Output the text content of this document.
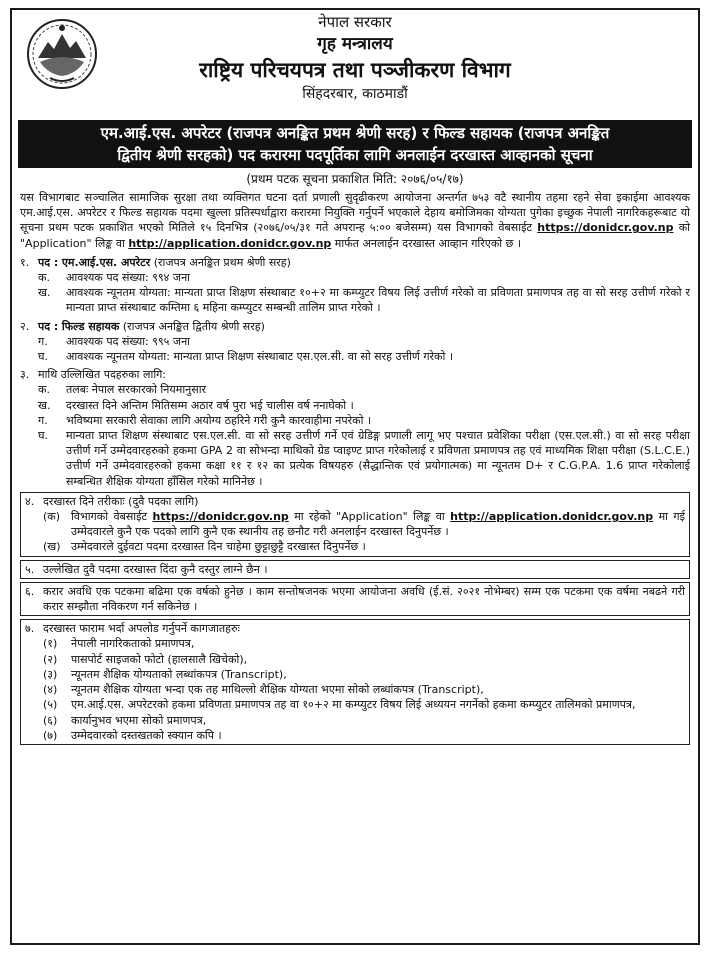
नेपाल सरकार
गृह मन्त्रालय
राष्ट्रिय परिचयपत्र तथा पञ्जीकरण विभाग
सिंहदरबार, काठमाडौं
एम.आई.एस. अपरेटर (राजपत्र अनङ्कित प्रथम श्रेणी सरह) र फिल्ड सहायक (राजपत्र अनङ्कित
द्वितीय श्रेणी सरहको) पद करारमा पदपूर्तिका लागि अनलाईन दरखास्त आव्हानको सूचना
(प्रथम पटक सूचना प्रकाशित मिति: २०७६/०५/१७)
यस विभागबाट सञ्चालित सामाजिक सुरक्षा तथा व्यक्तिगत घटना दर्ता प्रणाली सुदृढीकरण आयोजना अन्तर्गत ७५३ वटै स्थानीय तहमा रहने सेवा इकाईमा आवश्यक एम.आई.एस. अपरेटर र फिल्ड सहायक पदमा खुल्ला प्रतिस्पर्धाद्वारा करारमा नियुक्ति गर्नुपर्ने भएकाले देहाय बमोजिमका योग्यता पुगेका इच्छुक नेपाली नागरिकहरूबाट यो सूचना प्रथम पटक प्रकाशित भएको मितिले १५ दिनभित्र (२०७६/०५/३१ गते अपरान्ह ५:०० बजेसम्म) यस विभागको वेबसाईट https://donidcr.gov.np को "Application" लिङ्क वा http://application.donidcr.gov.np मार्फत अनलाईन दरखास्त आव्हान गरिएको छ ।
१. पद : एम.आई.एस. अपरेटर (राजपत्र अनङ्कित प्रथम श्रेणी सरह)
क.	आवश्यक पद संख्या: ९९४ जना
ख.	आवश्यक न्यूनतम योग्यता: मान्यता प्राप्त शिक्षण संस्थाबाट १०+२ मा कम्प्युटर विषय लिई उत्तीर्ण गरेको वा प्रविणता प्रमाणपत्र तह वा सो सरह उत्तीर्ण गरेको र मान्यता प्राप्त संस्थाबाट कम्तिमा ६ महिना कम्प्युटर सम्बन्धी तालिम प्राप्त गरेको ।
२. पद : फिल्ड सहायक (राजपत्र अनङ्कित द्वितीय श्रेणी सरह)
ग.	आवश्यक पद संख्या: ९९५ जना
घ.	आवश्यक न्यूनतम योग्यता: मान्यता प्राप्त शिक्षण संस्थाबाट एस.एल.सी. वा सो सरह उत्तीर्ण गरेको ।
३. माथि उल्लिखित पदहरुका लागि:
क.	तलबः नेपाल सरकारको नियमानुसार
ख.	दरखास्त दिने अन्तिम मितिसम्म अठार वर्ष पुरा भई चालीस वर्ष ननाघेको ।
ग.	भविष्यमा सरकारी सेवाका लागि अयोग्य ठहरिने गरी कुनै कारवाहीमा नपरेको ।
घ.	मान्यता प्राप्त शिक्षण संस्थाबाट एस.एल.सी. वा सो सरह उत्तीर्ण गर्ने एवं ग्रेडिङ्ग प्रणाली लागू भए पश्चात प्रवेशिका परीक्षा (एस.एल.सी.) वा सो सरह परीक्षा उत्तीर्ण गर्ने उम्मेदवारहरुको हकमा GPA 2 वा सोभन्दा माथिको ग्रेड प्वाइण्ट प्राप्त गरेकोलाई र प्रविणता प्रमाणपत्र तह एवं माध्यमिक शिक्षा परीक्षा (S.L.C.E.) उत्तीर्ण गर्ने उम्मेदवारहरुको हकमा कक्षा ११ र १२ का प्रत्येक विषयहरु (सैद्धान्तिक एवं प्रयोगात्मक) मा न्यूनतम D+ र C.G.P.A. 1.6 प्राप्त गरेकोलाई सम्बन्धित शैक्षिक योग्यता हाँसिल गरेको मानिनेछ ।
४. दरखास्त दिने तरीकाः (दुवै पदका लागि)
(क) विभागको वेबसाईट https://donidcr.gov.np मा रहेको "Application" लिङ्क वा http://application.donidcr.gov.np मा गई उम्मेदवारले कुनै एक पदको लागि कुनै एक स्थानीय तह छनौट गरी अनलाईन दरखास्त दिनुपर्नेछ ।
(ख) उम्मेदवारले दुईवटा पदमा दरखास्त दिन चाहेमा छुट्टाछुट्टै दरखास्त दिनुपर्नेछ ।
५. उल्लेखित दुवै पदमा दरखास्त दिंदा कुनै दस्तुर लाग्ने छैन ।
६. करार अवधि एक पटकमा बढिमा एक वर्षको हुनेछ । काम सन्तोषजनक भएमा आयोजना अवधि (ई.सं. २०२१ नोभेम्बर) सम्म एक पटकमा एक वर्षमा नबढने गरी करार सम्झौता नविकरण गर्न सकिनेछ ।
७. दरखास्त फाराम भर्दा अपलोड गर्नुपर्ने कागजातहरुः
(१)	नेपाली नागरिकताको प्रमाणपत्र,
(२)	पासपोर्ट साइजको फोटो (हालसालै खिचेको),
(३)	न्यूनतम शैक्षिक योग्यताको लब्धांकपत्र (Transcript),
(४)	न्यूनतम शैक्षिक योग्यता भन्दा एक तह माथिल्लो शैक्षिक योग्यता भएमा सोको लब्धांकपत्र (Transcript),
(५)	एम.आई.एस. अपरेटरको हकमा प्रविणता प्रमाणपत्र तह वा १०+२ मा कम्प्युटर विषय लिई अध्ययन नगर्नेको हकमा कम्प्युटर तालिमको प्रमाणपत्र,
(६)	कार्यानुभव भएमा सोको प्रमाणपत्र,
(७)	उम्मेदवारको दस्तखतको स्क्यान कपि ।
